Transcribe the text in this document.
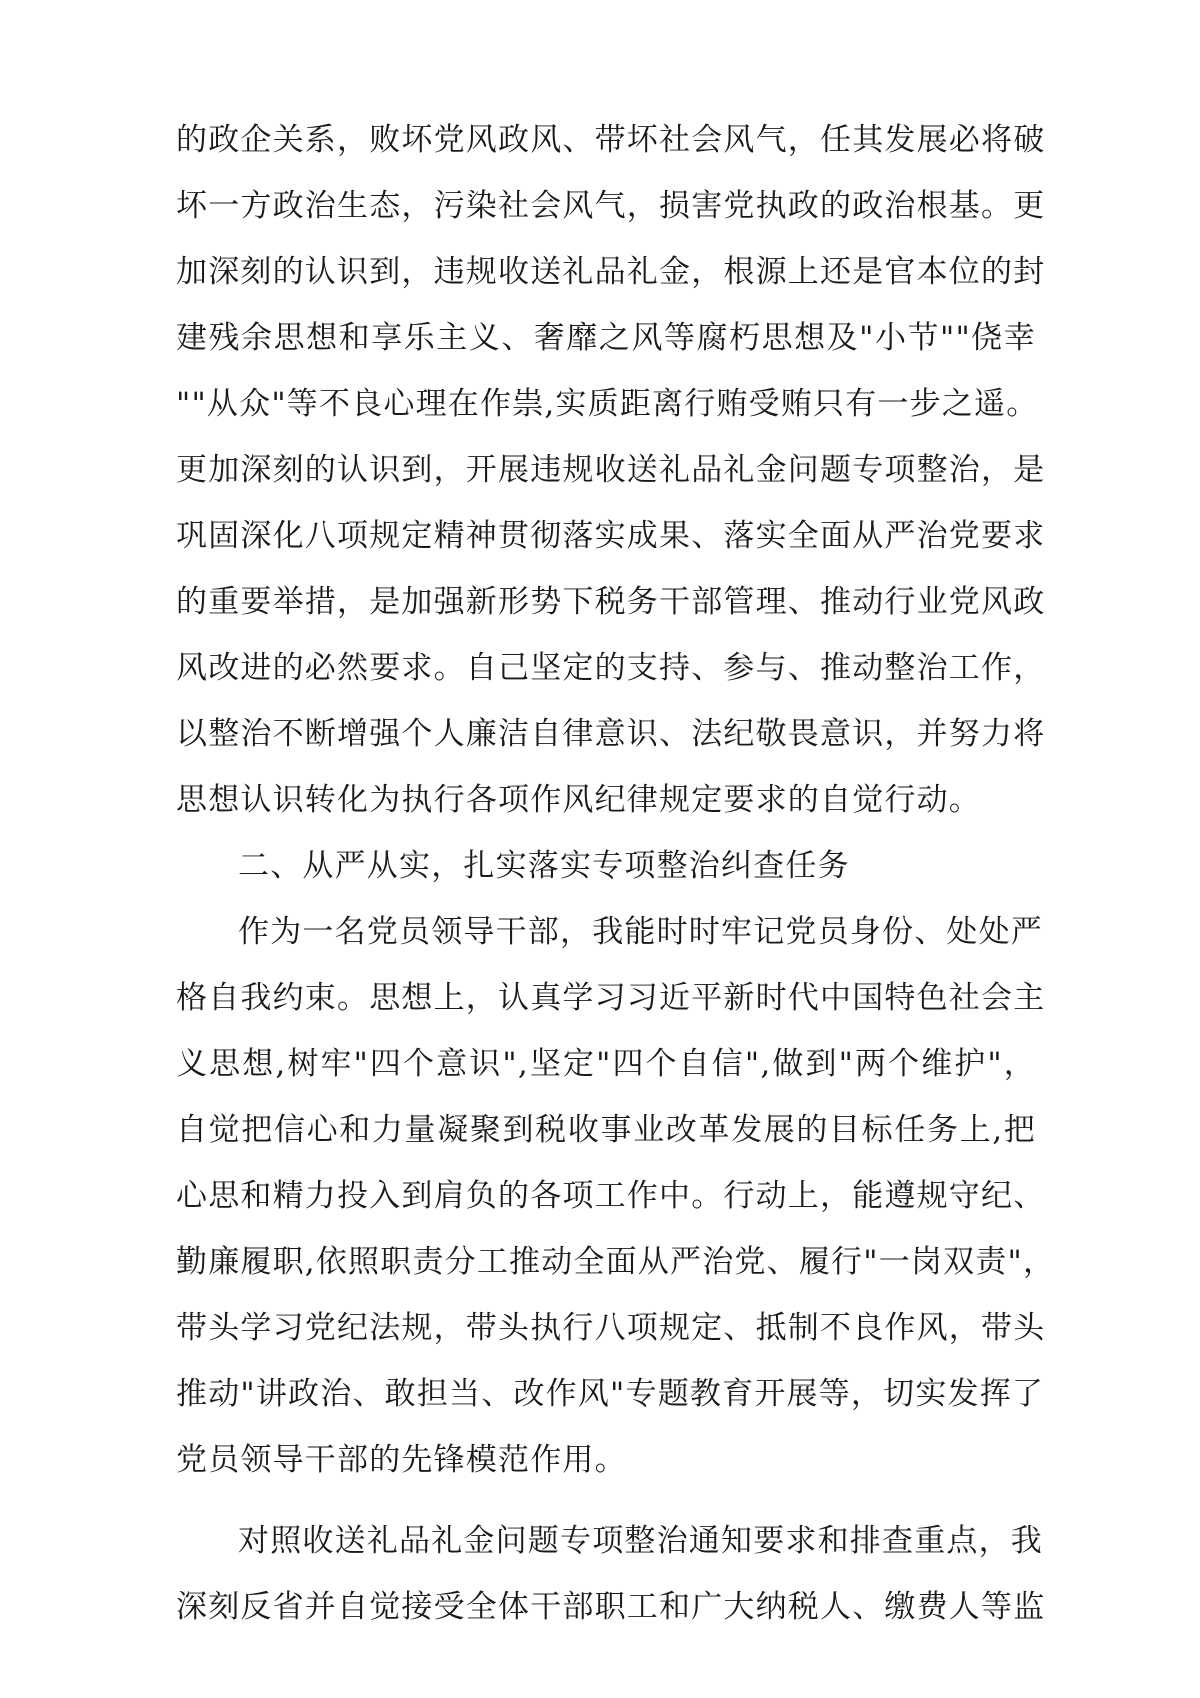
的政企关系，败坏党风政风、带坏社会风气，任其发展必将破
坏一方政治生态，污染社会风气，损害党执政的政治根基。更
加深刻的认识到，违规收送礼品礼金，根源上还是官本位的封
建残余思想和享乐主义、奢靡之风等腐朽思想及"小节""侥幸
""从众"等不良心理在作祟,实质距离行贿受贿只有一步之遥。
更加深刻的认识到，开展违规收送礼品礼金问题专项整治，是
巩固深化八项规定精神贯彻落实成果、落实全面从严治党要求
的重要举措，是加强新形势下税务干部管理、推动行业党风政
风改进的必然要求。自己坚定的支持、参与、推动整治工作，
以整治不断增强个人廉洁自律意识、法纪敬畏意识，并努力将
思想认识转化为执行各项作风纪律规定要求的自觉行动。
二、从严从实，扎实落实专项整治纠查任务
作为一名党员领导干部，我能时时牢记党员身份、处处严
格自我约束。思想上，认真学习习近平新时代中国特色社会主
义思想,树牢"四个意识",坚定"四个自信",做到"两个维护"，
自觉把信心和力量凝聚到税收事业改革发展的目标任务上,把
心思和精力投入到肩负的各项工作中。行动上，能遵规守纪、
勤廉履职,依照职责分工推动全面从严治党、履行"一岗双责"，
带头学习党纪法规，带头执行八项规定、抵制不良作风，带头
推动"讲政治、敢担当、改作风"专题教育开展等，切实发挥了
党员领导干部的先锋模范作用。
对照收送礼品礼金问题专项整治通知要求和排查重点，我
深刻反省并自觉接受全体干部职工和广大纳税人、缴费人等监
